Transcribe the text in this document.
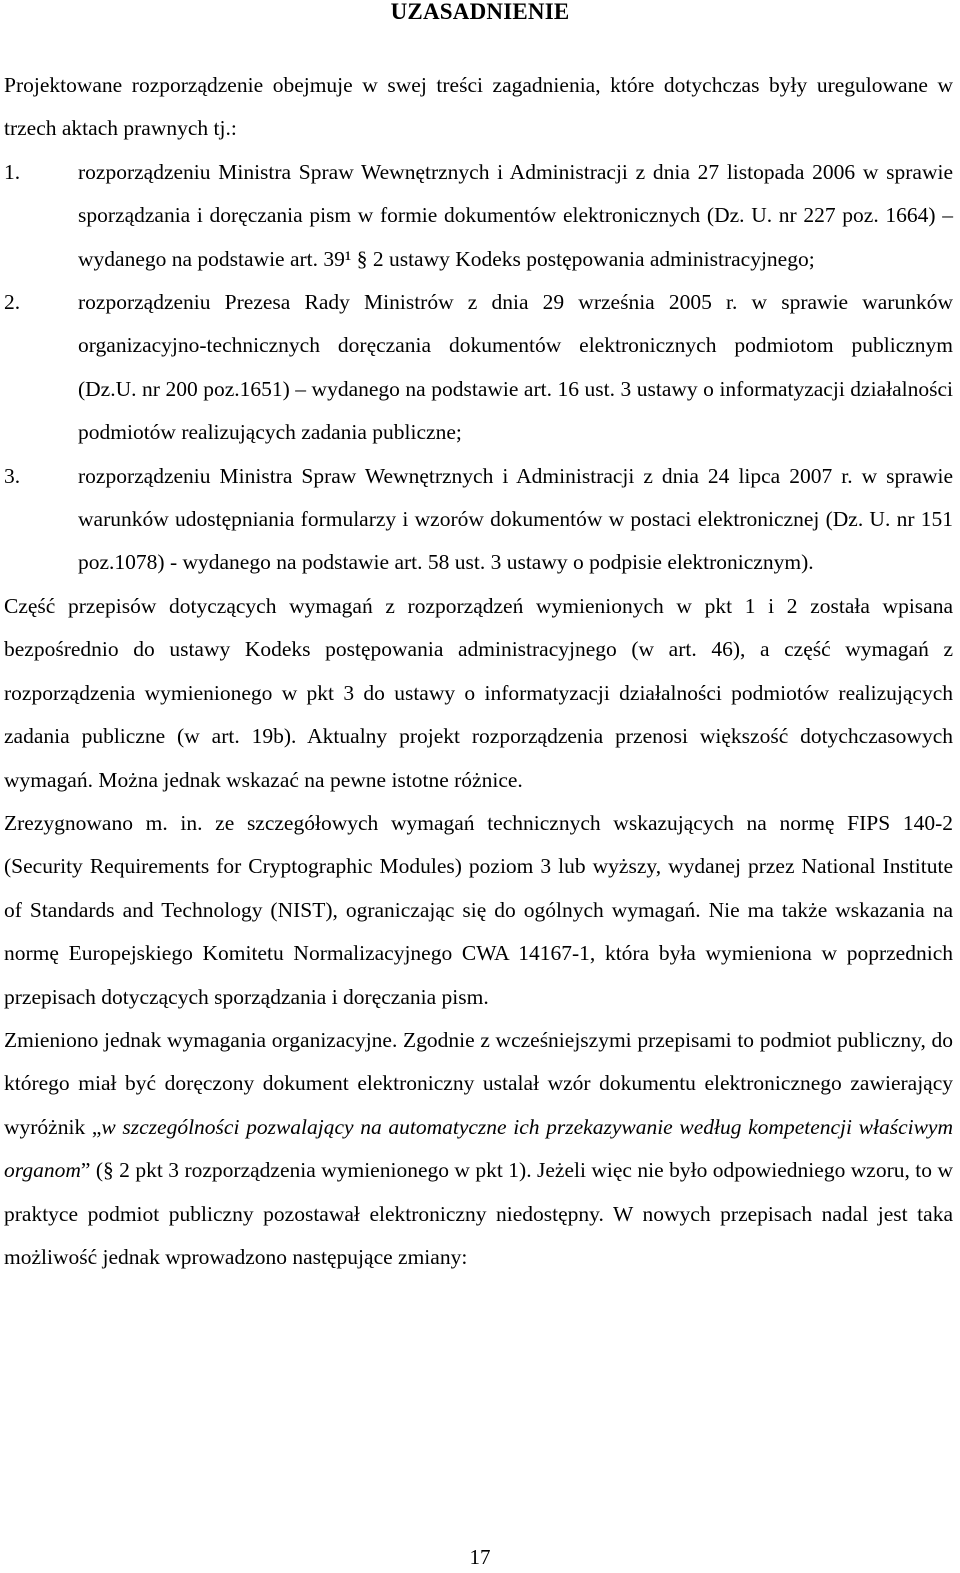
UZASADNIENIE

Projektowane rozporządzenie obejmuje w swej treści zagadnienia, które dotychczas były uregulowane w trzech aktach prawnych tj.:

1.	rozporządzeniu Ministra Spraw Wewnętrznych i Administracji z dnia 27 listopada 2006 w sprawie sporządzania i doręczania pism w formie dokumentów elektronicznych (Dz. U. nr 227 poz. 1664) – wydanego na podstawie art. 39¹ § 2 ustawy Kodeks postępowania administracyjnego;
2.	rozporządzeniu Prezesa Rady Ministrów z dnia 29 września 2005 r. w sprawie warunków organizacyjno-technicznych doręczania dokumentów elektronicznych podmiotom publicznym (Dz.U. nr 200 poz.1651) – wydanego na podstawie art. 16 ust. 3 ustawy o informatyzacji działalności podmiotów realizujących zadania publiczne;
3.	rozporządzeniu Ministra Spraw Wewnętrznych i Administracji z dnia 24 lipca 2007 r. w sprawie warunków udostępniania formularzy i wzorów dokumentów w postaci elektronicznej (Dz. U. nr 151 poz.1078) - wydanego na podstawie art. 58 ust. 3 ustawy o podpisie elektronicznym).

Część przepisów dotyczących wymagań z rozporządzeń wymienionych w pkt 1 i 2 została wpisana bezpośrednio do ustawy Kodeks postępowania administracyjnego (w art. 46), a część wymagań z rozporządzenia wymienionego w pkt 3 do ustawy o informatyzacji działalności podmiotów realizujących zadania publiczne (w art. 19b). Aktualny projekt rozporządzenia przenosi większość dotychczasowych wymagań. Można jednak wskazać na pewne istotne różnice.

Zrezygnowano m. in. ze szczegółowych wymagań technicznych wskazujących na normę FIPS 140-2 (Security Requirements for Cryptographic Modules) poziom 3 lub wyższy, wydanej przez National Institute of Standards and Technology (NIST), ograniczając się do ogólnych wymagań. Nie ma także wskazania na normę Europejskiego Komitetu Normalizacyjnego CWA 14167-1, która była wymieniona w poprzednich przepisach dotyczących sporządzania i doręczania pism.

Zmieniono jednak wymagania organizacyjne. Zgodnie z wcześniejszymi przepisami to podmiot publiczny, do którego miał być doręczony dokument elektroniczny ustalał wzór dokumentu elektronicznego zawierający wyróżnik „w szczególności pozwalający na automatyczne ich przekazywanie według kompetencji właściwym organom” (§ 2 pkt 3 rozporządzenia wymienionego w pkt 1). Jeżeli więc nie było odpowiedniego wzoru, to w praktyce podmiot publiczny pozostawał elektroniczny niedostępny. W nowych przepisach nadal jest taka możliwość jednak wprowadzono następujące zmiany:

17
